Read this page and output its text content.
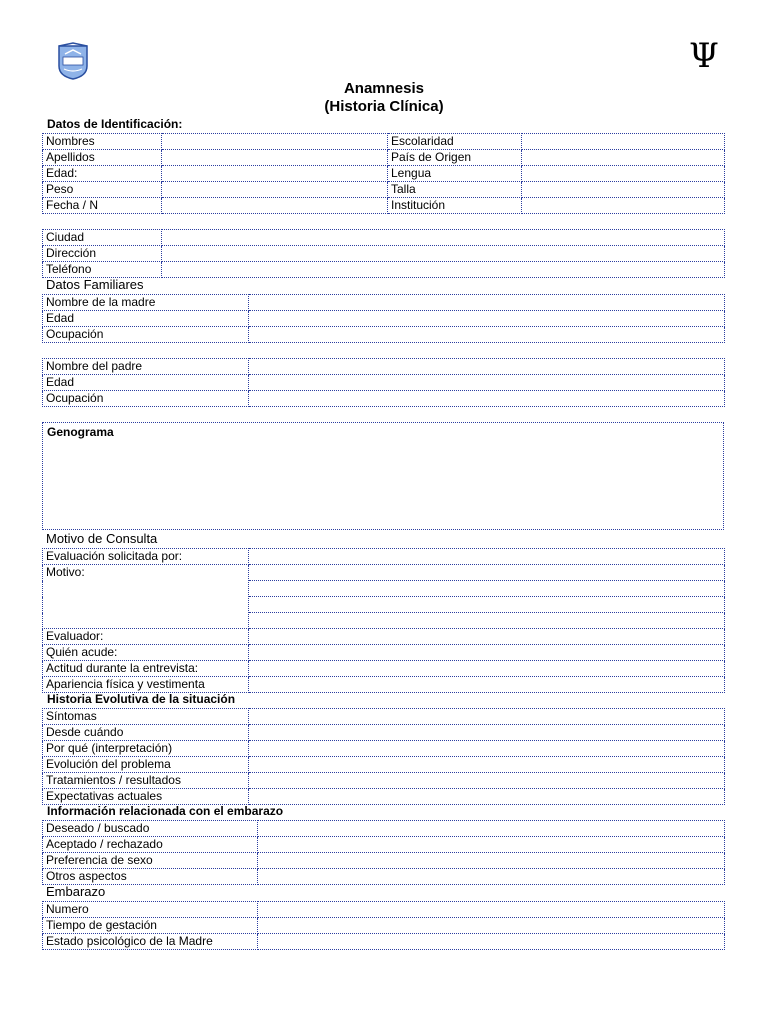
Ψ
Anamnesis
(Historia Clínica)
Datos de Identificación:
Nombres		Escolaridad	
Apellidos		País de Origen	
Edad:		Lengua	
Peso		Talla	
Fecha / N		Institución	
Ciudad	
Dirección	
Teléfono	
Datos Familiares
Nombre de la madre	
Edad	
Ocupación	
Nombre del padre	
Edad	
Ocupación	
Genograma
Motivo de Consulta
Evaluación solicitada por:	
Motivo:	

Evaluador:	
Quién acude:	
Actitud durante la entrevista:	
Apariencia física y vestimenta	
Historia Evolutiva de la situación
Síntomas	
Desde cuándo	
Por qué (interpretación)	
Evolución del problema	
Tratamientos / resultados	
Expectativas actuales	
Información relacionada con el embarazo
Deseado / buscado	
Aceptado / rechazado	
Preferencia de sexo	
Otros aspectos	
Embarazo
Numero	
Tiempo de gestación	
Estado psicológico de la Madre	
